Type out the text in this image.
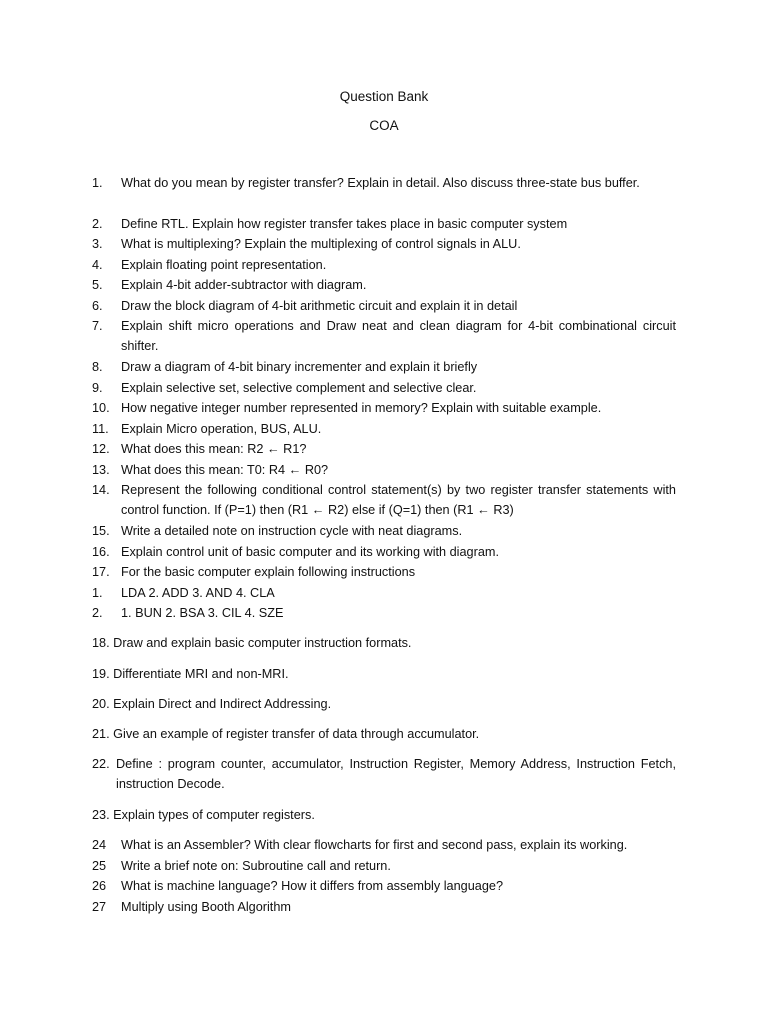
Question Bank
COA
1. What do you mean by register transfer? Explain in detail. Also discuss three-state bus buffer.
2. Define RTL. Explain how register transfer takes place in basic computer system
3. What is multiplexing? Explain the multiplexing of control signals in ALU.
4. Explain floating point representation.
5. Explain 4-bit adder-subtractor with diagram.
6. Draw the block diagram of 4-bit arithmetic circuit and explain it in detail
7. Explain shift micro operations and Draw neat and clean diagram for 4-bit combinational circuit shifter.
8. Draw a diagram of 4-bit binary incrementer and explain it briefly
9. Explain selective set, selective complement and selective clear.
10. How negative integer number represented in memory? Explain with suitable example.
11. Explain Micro operation, BUS, ALU.
12. What does this mean: R2 ← R1?
13. What does this mean: T0: R4 ← R0?
14. Represent the following conditional control statement(s) by two register transfer statements with control function. If (P=1) then (R1 ← R2) else if (Q=1) then (R1 ← R3)
15. Write a detailed note on instruction cycle with neat diagrams.
16. Explain control unit of basic computer and its working with diagram.
17. For the basic computer explain following instructions
1. LDA 2. ADD 3. AND 4. CLA
2. 1. BUN 2. BSA 3. CIL 4. SZE
18. Draw and explain basic computer instruction formats.
19. Differentiate MRI and non-MRI.
20. Explain Direct and Indirect Addressing.
21. Give an example of register transfer of data through accumulator.
22. Define : program counter, accumulator, Instruction Register, Memory Address, Instruction Fetch, instruction Decode.
23. Explain types of computer registers.
24 What is an Assembler? With clear flowcharts for first and second pass, explain its working.
25 Write a brief note on: Subroutine call and return.
26 What is machine language? How it differs from assembly language?
27 Multiply using Booth Algorithm
